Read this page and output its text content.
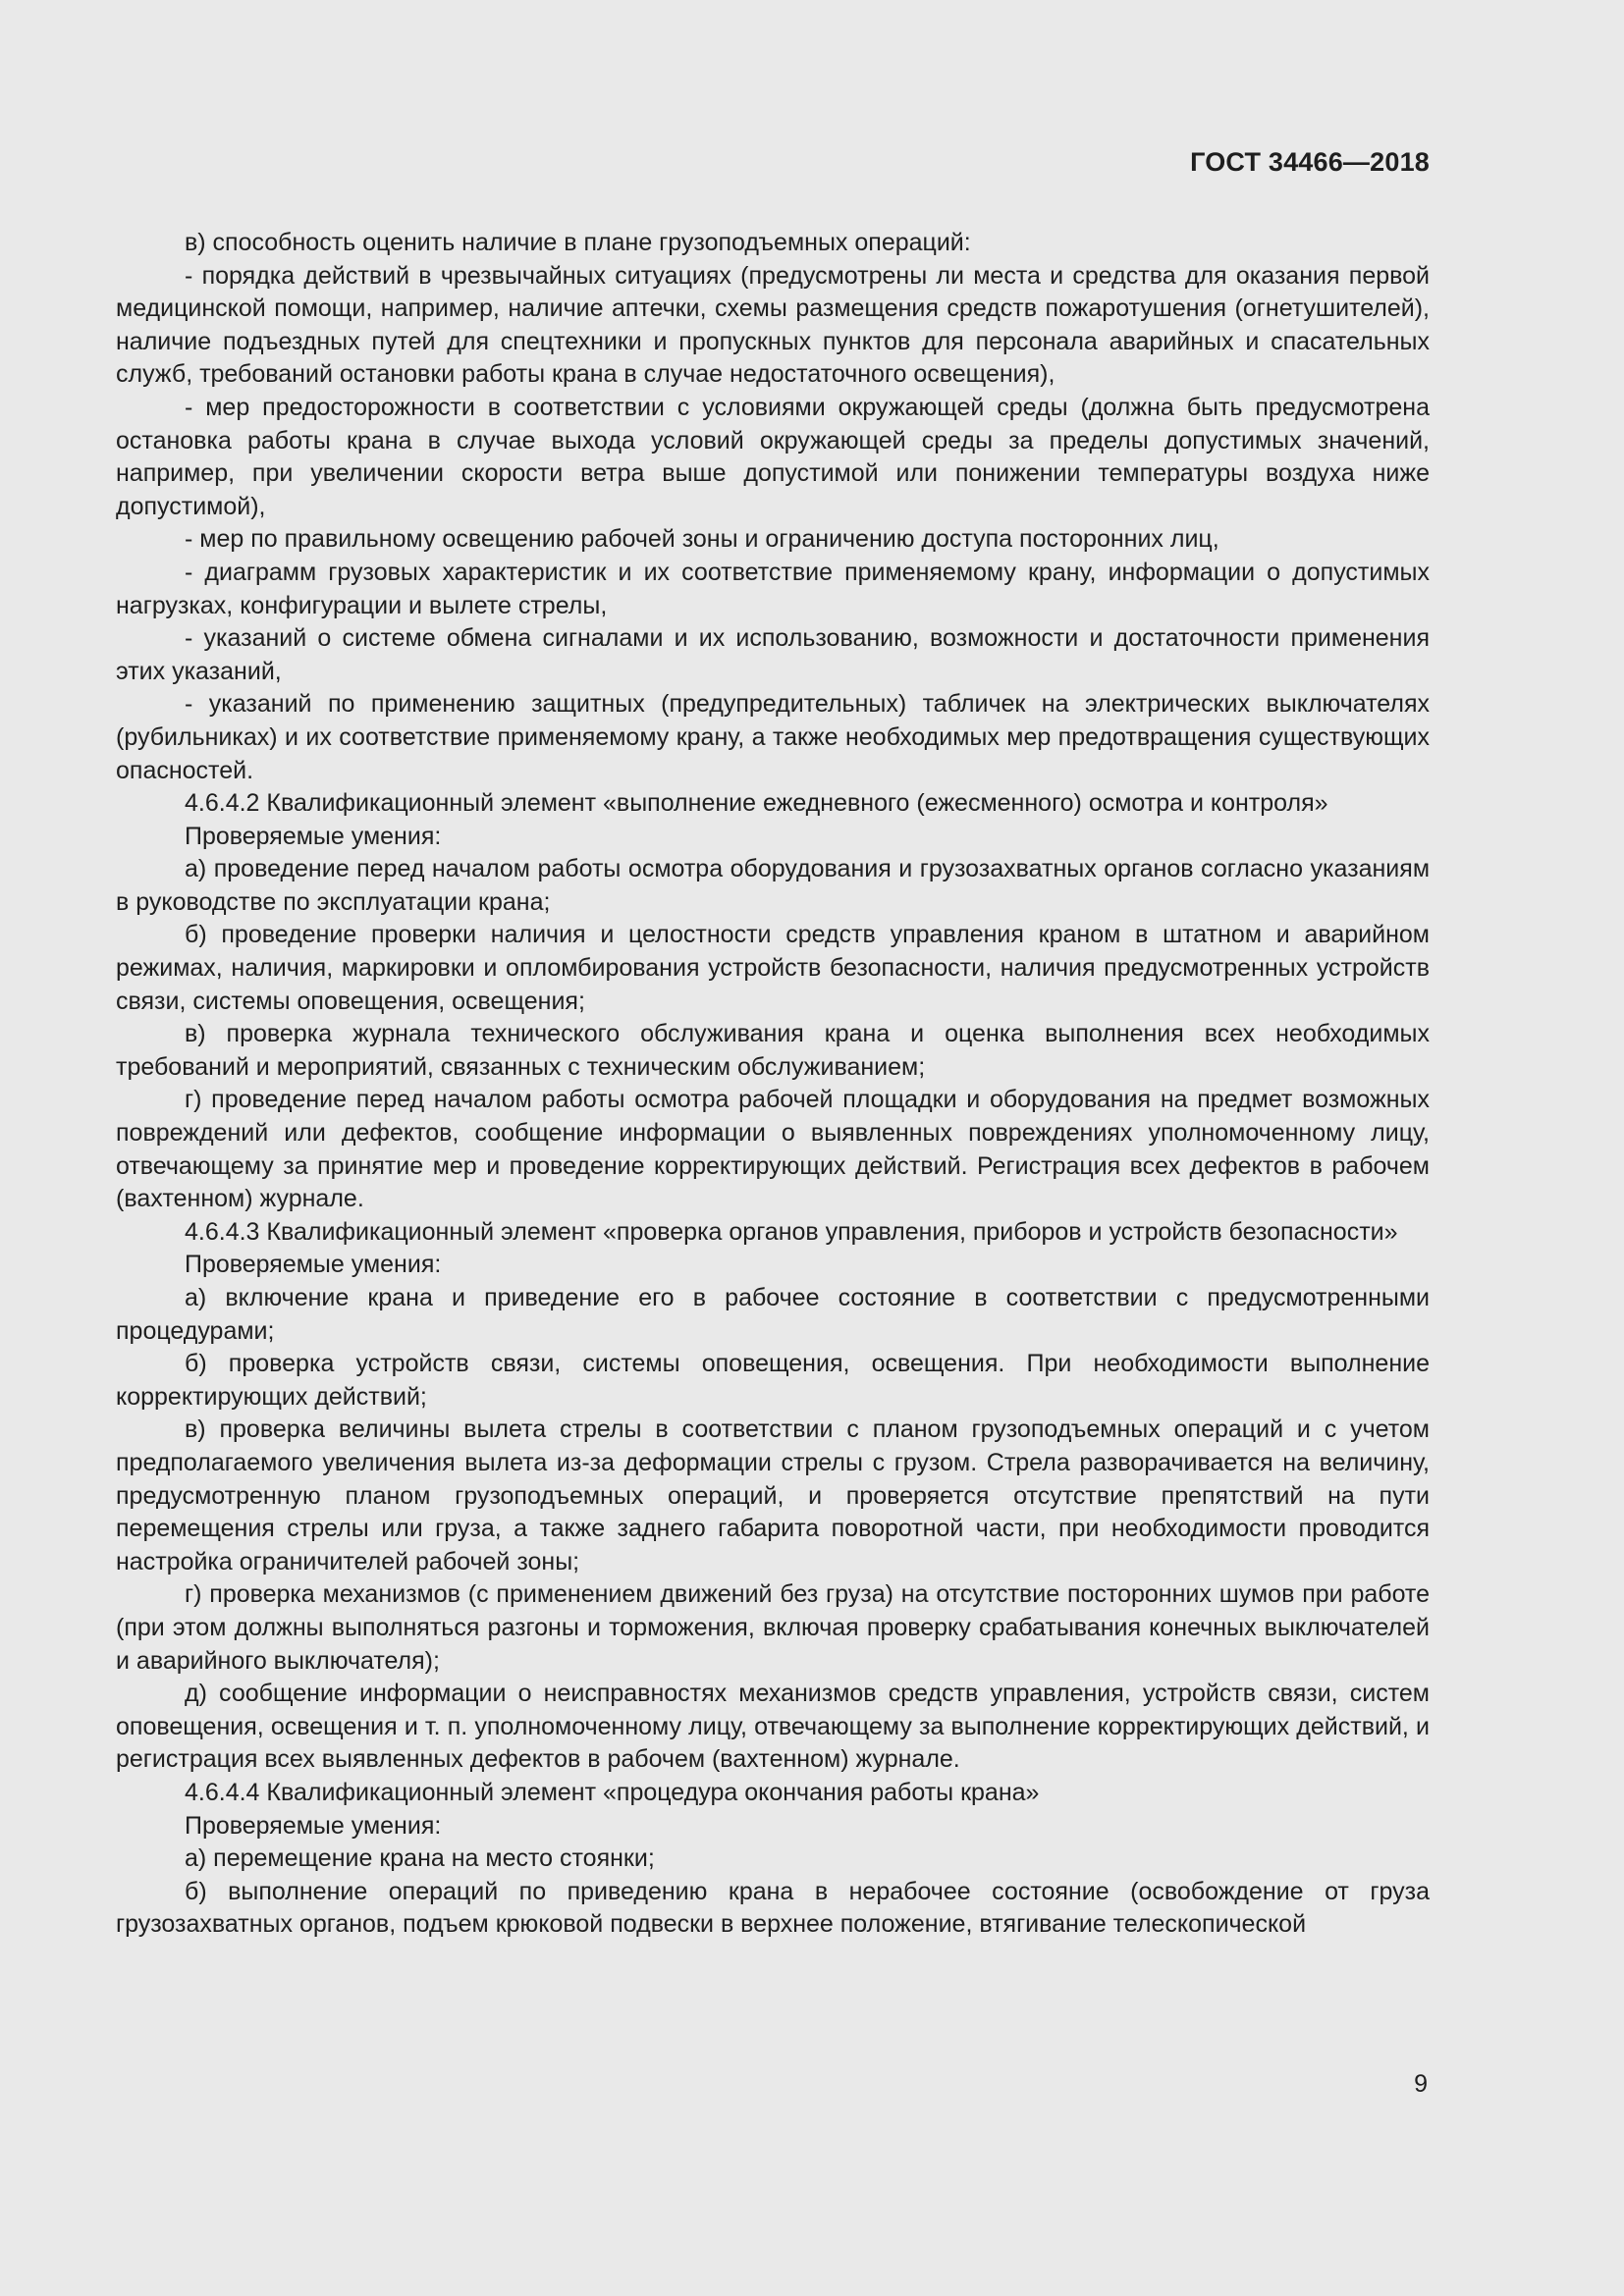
ГОСТ 34466—2018

в) способность оценить наличие в плане грузоподъемных операций:

- порядка действий в чрезвычайных ситуациях (предусмотрены ли места и средства для оказания первой медицинской помощи, например, наличие аптечки, схемы размещения средств пожаротушения (огнетушителей), наличие подъездных путей для спецтехники и пропускных пунктов для персонала аварийных и спасательных служб, требований остановки работы крана в случае недостаточного освещения),

- мер предосторожности в соответствии с условиями окружающей среды (должна быть предусмотрена остановка работы крана в случае выхода условий окружающей среды за пределы допустимых значений, например, при увеличении скорости ветра выше допустимой или понижении температуры воздуха ниже допустимой),

- мер по правильному освещению рабочей зоны и ограничению доступа посторонних лиц,

- диаграмм грузовых характеристик и их соответствие применяемому крану, информации о допустимых нагрузках, конфигурации и вылете стрелы,

- указаний о системе обмена сигналами и их использованию, возможности и достаточности применения этих указаний,

- указаний по применению защитных (предупредительных) табличек на электрических выключателях (рубильниках) и их соответствие применяемому крану, а также необходимых мер предотвращения существующих опасностей.

4.6.4.2 Квалификационный элемент «выполнение ежедневного (ежесменного) осмотра и контроля»

Проверяемые умения:

а) проведение перед началом работы осмотра оборудования и грузозахватных органов согласно указаниям в руководстве по эксплуатации крана;

б) проведение проверки наличия и целостности средств управления краном в штатном и аварийном режимах, наличия, маркировки и опломбирования устройств безопасности, наличия предусмотренных устройств связи, системы оповещения, освещения;

в) проверка журнала технического обслуживания крана и оценка выполнения всех необходимых требований и мероприятий, связанных с техническим обслуживанием;

г) проведение перед началом работы осмотра рабочей площадки и оборудования на предмет возможных повреждений или дефектов, сообщение информации о выявленных повреждениях уполномоченному лицу, отвечающему за принятие мер и проведение корректирующих действий. Регистрация всех дефектов в рабочем (вахтенном) журнале.

4.6.4.3 Квалификационный элемент «проверка органов управления, приборов и устройств безопасности»

Проверяемые умения:

а) включение крана и приведение его в рабочее состояние в соответствии с предусмотренными процедурами;

б) проверка устройств связи, системы оповещения, освещения. При необходимости выполнение корректирующих действий;

в) проверка величины вылета стрелы в соответствии с планом грузоподъемных операций и с учетом предполагаемого увеличения вылета из-за деформации стрелы с грузом. Стрела разворачивается на величину, предусмотренную планом грузоподъемных операций, и проверяется отсутствие препятствий на пути перемещения стрелы или груза, а также заднего габарита поворотной части, при необходимости проводится настройка ограничителей рабочей зоны;

г) проверка механизмов (с применением движений без груза) на отсутствие посторонних шумов при работе (при этом должны выполняться разгоны и торможения, включая проверку срабатывания конечных выключателей и аварийного выключателя);

д) сообщение информации о неисправностях механизмов средств управления, устройств связи, систем оповещения, освещения и т. п. уполномоченному лицу, отвечающему за выполнение корректирующих действий, и регистрация всех выявленных дефектов в рабочем (вахтенном) журнале.

4.6.4.4 Квалификационный элемент «процедура окончания работы крана»

Проверяемые умения:

а) перемещение крана на место стоянки;

б) выполнение операций по приведению крана в нерабочее состояние (освобождение от груза грузозахватных органов, подъем крюковой подвески в верхнее положение, втягивание телескопической

9
